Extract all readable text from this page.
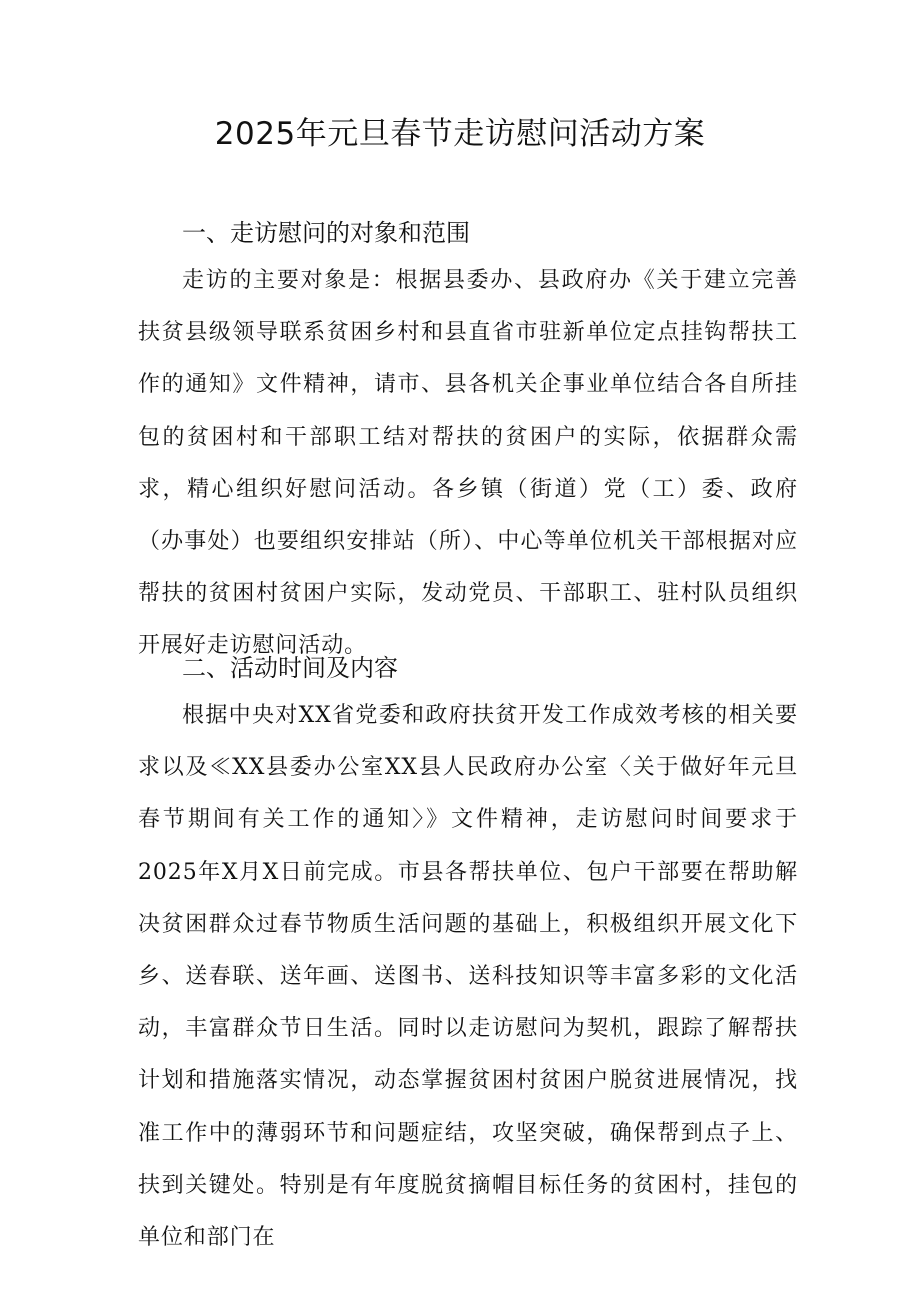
2025年元旦春节走访慰问活动方案
一、走访慰问的对象和范围

走访的主要对象是：根据县委办、县政府办《关于建立完善扶贫县级领导联系贫困乡村和县直省市驻新单位定点挂钩帮扶工作的通知》文件精神，请市、县各机关企事业单位结合各自所挂包的贫困村和干部职工结对帮扶的贫困户的实际，依据群众需求，精心组织好慰问活动。各乡镇（街道）党（工）委、政府（办事处）也要组织安排站（所）、中心等单位机关干部根据对应帮扶的贫困村贫困户实际，发动党员、干部职工、驻村队员组织开展好走访慰问活动。

二、活动时间及内容

根据中央对XX省党委和政府扶贫开发工作成效考核的相关要求以及≪XX县委办公室XX县人民政府办公室〈关于做好年元旦春节期间有关工作的通知〉》文件精神，走访慰问时间要求于2025年X月X日前完成。市县各帮扶单位、包户干部要在帮助解决贫困群众过春节物质生活问题的基础上，积极组织开展文化下乡、送春联、送年画、送图书、送科技知识等丰富多彩的文化活动，丰富群众节日生活。同时以走访慰问为契机，跟踪了解帮扶计划和措施落实情况，动态掌握贫困村贫困户脱贫进展情况，找准工作中的薄弱环节和问题症结，攻坚突破，确保帮到点子上、扶到关键处。特别是有年度脱贫摘帽目标任务的贫困村，挂包的单位和部门在
